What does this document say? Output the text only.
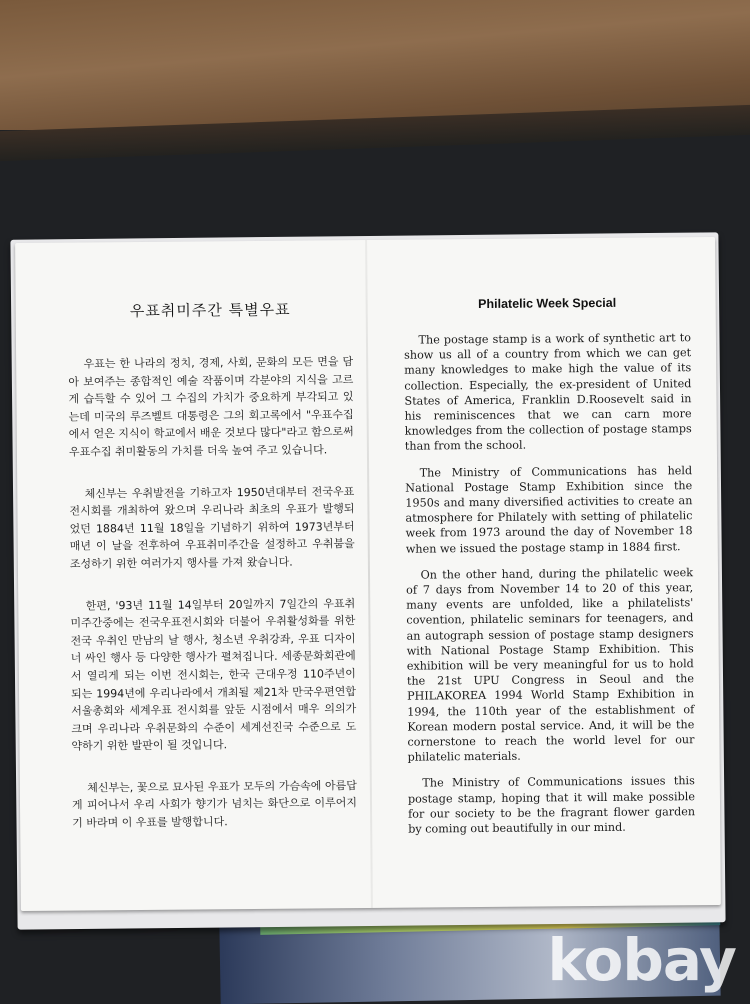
우표취미주간 특별우표

우표는 한 나라의 정치, 경제, 사회, 문화의 모든 면을 담아 보여주는 종합적인 예술 작품이며 각분야의 지식을 고르게 습득할 수 있어 그 수집의 가치가 중요하게 부각되고 있는데 미국의 루즈벨트 대통령은 그의 회고록에서 "우표수집에서 얻은 지식이 학교에서 배운 것보다 많다"라고 함으로써 우표수집 취미활동의 가치를 더욱 높여 주고 있습니다.

체신부는 우취발전을 기하고자 1950년대부터 전국우표전시회를 개최하여 왔으며 우리나라 최초의 우표가 발행되었던 1884년 11월 18일을 기념하기 위하여 1973년부터 매년 이 날을 전후하여 우표취미주간을 설정하고 우취붐을 조성하기 위한 여러가지 행사를 가져 왔습니다.

한편, '93년 11월 14일부터 20일까지 7일간의 우표취미주간중에는 전국우표전시회와 더불어 우취활성화를 위한 전국 우취인 만남의 날 행사, 청소년 우취강좌, 우표 디자이너 싸인 행사 등 다양한 행사가 펼쳐집니다. 세종문화회관에서 열리게 되는 이번 전시회는, 한국 근대우정 110주년이 되는 1994년에 우리나라에서 개최될 제21차 만국우편연합 서울총회와 세계우표 전시회를 앞둔 시점에서 매우 의의가 크며 우리나라 우취문화의 수준이 세계선진국 수준으로 도약하기 위한 발판이 될 것입니다.

체신부는, 꽃으로 묘사된 우표가 모두의 가슴속에 아름답게 피어나서 우리 사회가 향기가 넘치는 화단으로 이루어지기 바라며 이 우표를 발행합니다.

Philatelic Week Special

The postage stamp is a work of synthetic art to show us all of a country from which we can get many knowledges to make high the value of its collection. Especially, the ex-president of United States of America, Franklin D.Roosevelt said in his reminiscences that we can carn more knowledges from the collection of postage stamps than from the school.

The Ministry of Communications has held National Postage Stamp Exhibition since the 1950s and many diversified activities to create an atmosphere for Philately with setting of philatelic week from 1973 around the day of November 18 when we issued the postage stamp in 1884 first.

On the other hand, during the philatelic week of 7 days from November 14 to 20 of this year, many events are unfolded, like a philatelists' covention, philatelic seminars for teenagers, and an autograph session of postage stamp designers with National Postage Stamp Exhibition. This exhibition will be very meaningful for us to hold the 21st UPU Congress in Seoul and the PHILAKOREA 1994 World Stamp Exhibition in 1994, the 110th year of the establishment of Korean modern postal service. And, it will be the cornerstone to reach the world level for our philatelic materials.

The Ministry of Communications issues this postage stamp, hoping that it will make possible for our society to be the fragrant flower garden by coming out beautifully in our mind.

kobay
